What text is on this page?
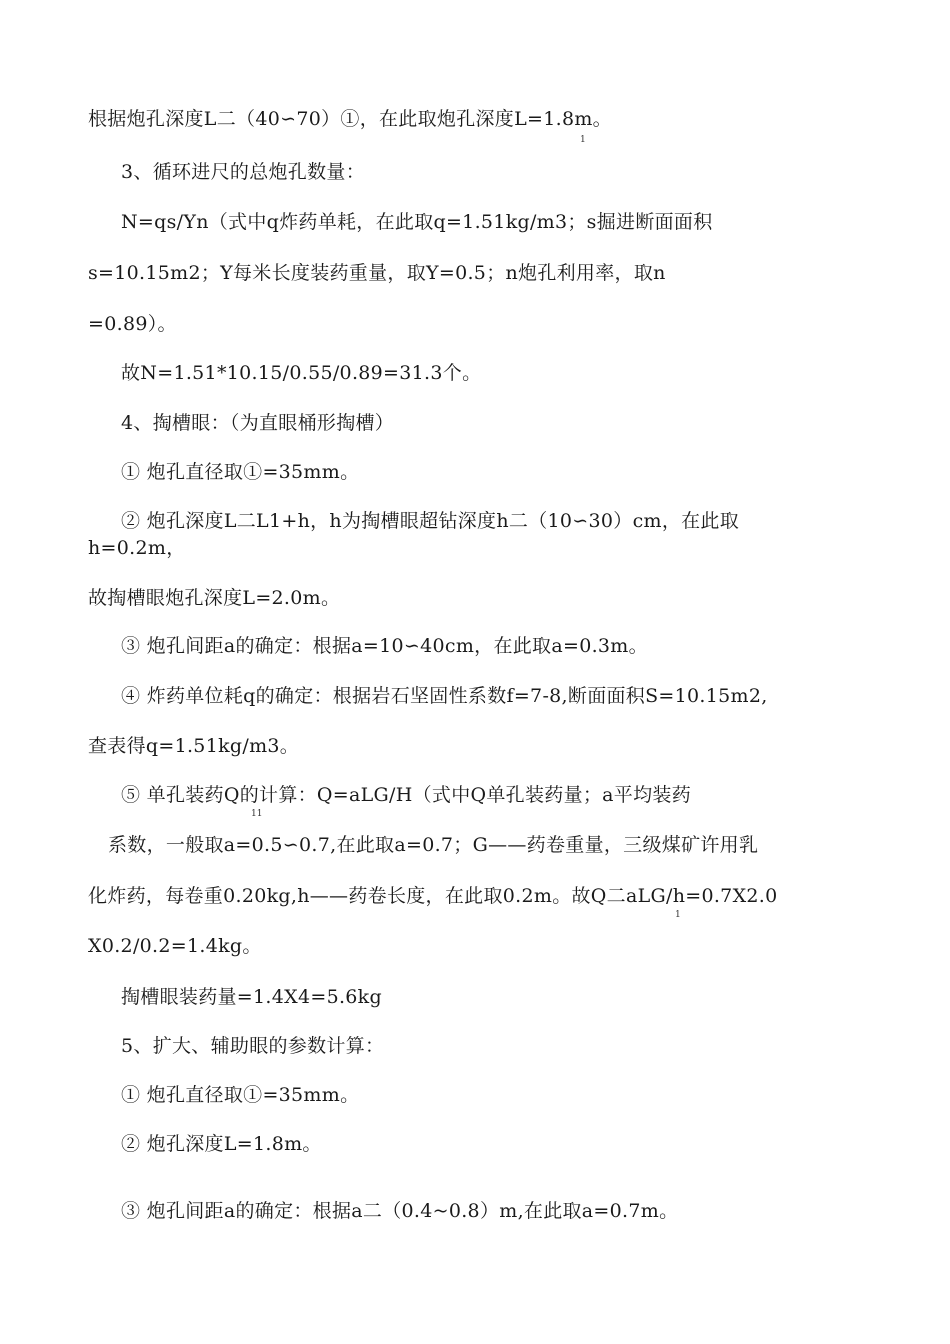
根据炮孔深度L二（40∽70）①，在此取炮孔深度L=1.8m。
1
3、循环进尺的总炮孔数量：
N=qs/Yn（式中q炸药单耗，在此取q=1.51kg/m3；s掘进断面面积
s=10.15m2；Y每米长度装药重量，取Y=0.5；n炮孔利用率，取n
=0.89）。
故N=1.51*10.15/0.55/0.89=31.3个。
4、掏槽眼：（为直眼桶形掏槽）
① 炮孔直径取①=35mm。
② 炮孔深度L二L1+h，h为掏槽眼超钻深度h二（10∽30）cm，在此取
h=0.2m，
故掏槽眼炮孔深度L=2.0m。
③ 炮孔间距a的确定：根据a=10∽40cm，在此取a=0.3m。
④ 炸药单位耗q的确定：根据岩石坚固性系数f=7-8,断面面积S=10.15m2,
查表得q=1.51kg/m3。
⑤ 单孔装药Q的计算：Q=aLG/H（式中Q单孔装药量；a平均装药
11
系数，一般取a=0.5∽0.7,在此取a=0.7；G——药卷重量，三级煤矿许用乳
化炸药，每卷重0.20kg,h——药卷长度，在此取0.2m。故Q二aLG/h=0.7X2.0
1
X0.2/0.2=1.4kg。
掏槽眼装药量=1.4X4=5.6kg
5、扩大、辅助眼的参数计算：
① 炮孔直径取①=35mm。
② 炮孔深度L=1.8m。
③ 炮孔间距a的确定：根据a二（0.4~0.8）m,在此取a=0.7m。
